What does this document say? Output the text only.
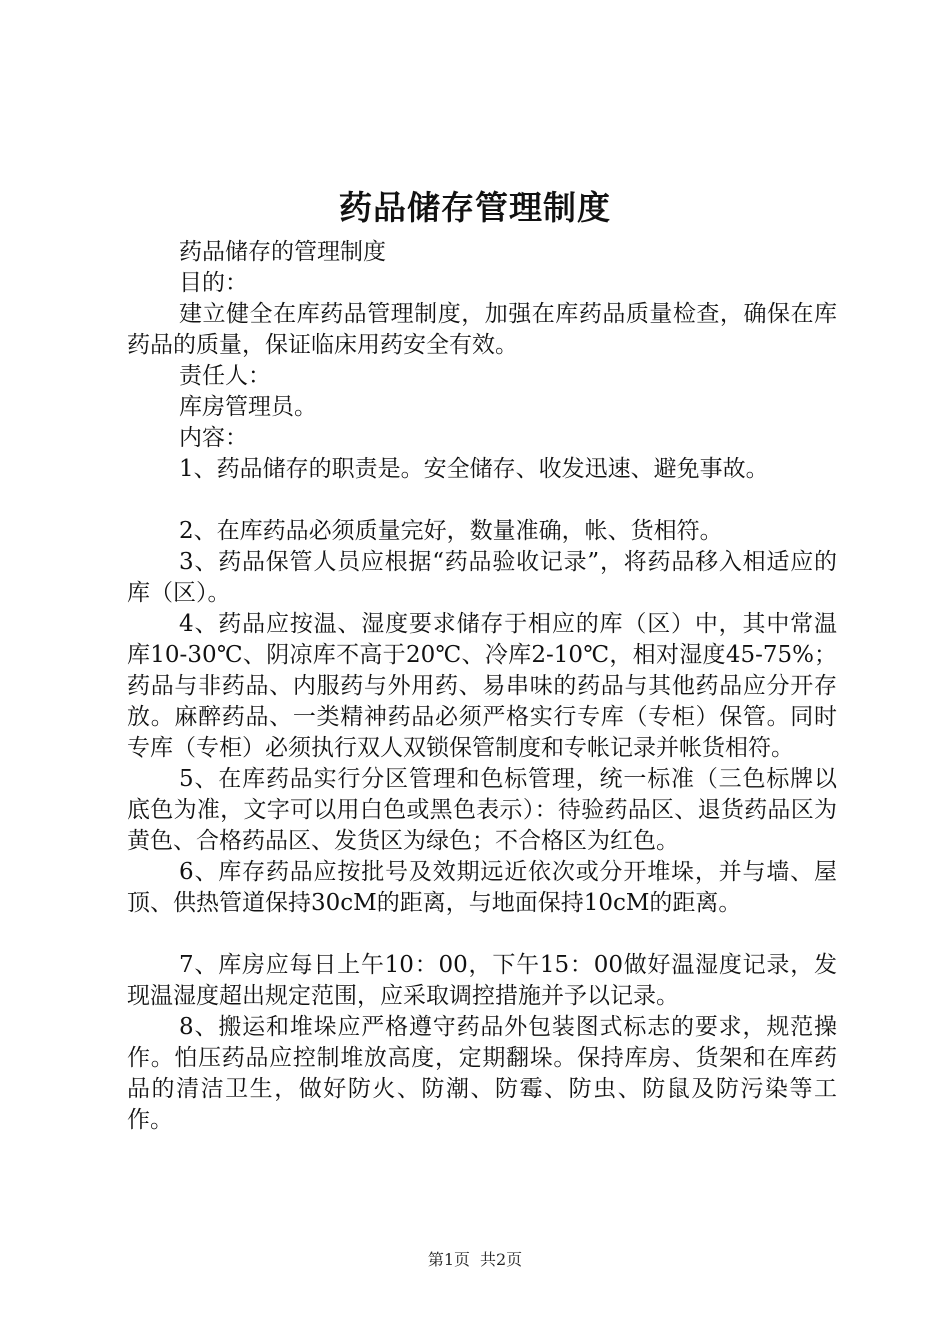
药品储存管理制度

药品储存的管理制度

目的：

建立健全在库药品管理制度，加强在库药品质量检查，确保在库药品的质量，保证临床用药安全有效。

责任人：

库房管理员。

内容：

1、药品储存的职责是。安全储存、收发迅速、避免事故。

2、在库药品必须质量完好，数量准确，帐、货相符。

3、药品保管人员应根据“药品验收记录”，将药品移入相适应的库（区）。

4、药品应按温、湿度要求储存于相应的库（区）中，其中常温库10-30℃、阴凉库不高于20℃、冷库2-10℃，相对湿度45-75%；药品与非药品、内服药与外用药、易串味的药品与其他药品应分开存放。麻醉药品、一类精神药品必须严格实行专库（专柜）保管。同时专库（专柜）必须执行双人双锁保管制度和专帐记录并帐货相符。

5、在库药品实行分区管理和色标管理，统一标准（三色标牌以底色为准，文字可以用白色或黑色表示）：待验药品区、退货药品区为黄色、合格药品区、发货区为绿色；不合格区为红色。

6、库存药品应按批号及效期远近依次或分开堆垛，并与墙、屋顶、供热管道保持30cM的距离，与地面保持10cM的距离。

7、库房应每日上午10：00，下午15：00做好温湿度记录，发现温湿度超出规定范围，应采取调控措施并予以记录。

8、搬运和堆垛应严格遵守药品外包装图式标志的要求，规范操作。怕压药品应控制堆放高度，定期翻垛。保持库房、货架和在库药品的清洁卫生，做好防火、防潮、防霉、防虫、防鼠及防污染等工作。

第1页 共2页
